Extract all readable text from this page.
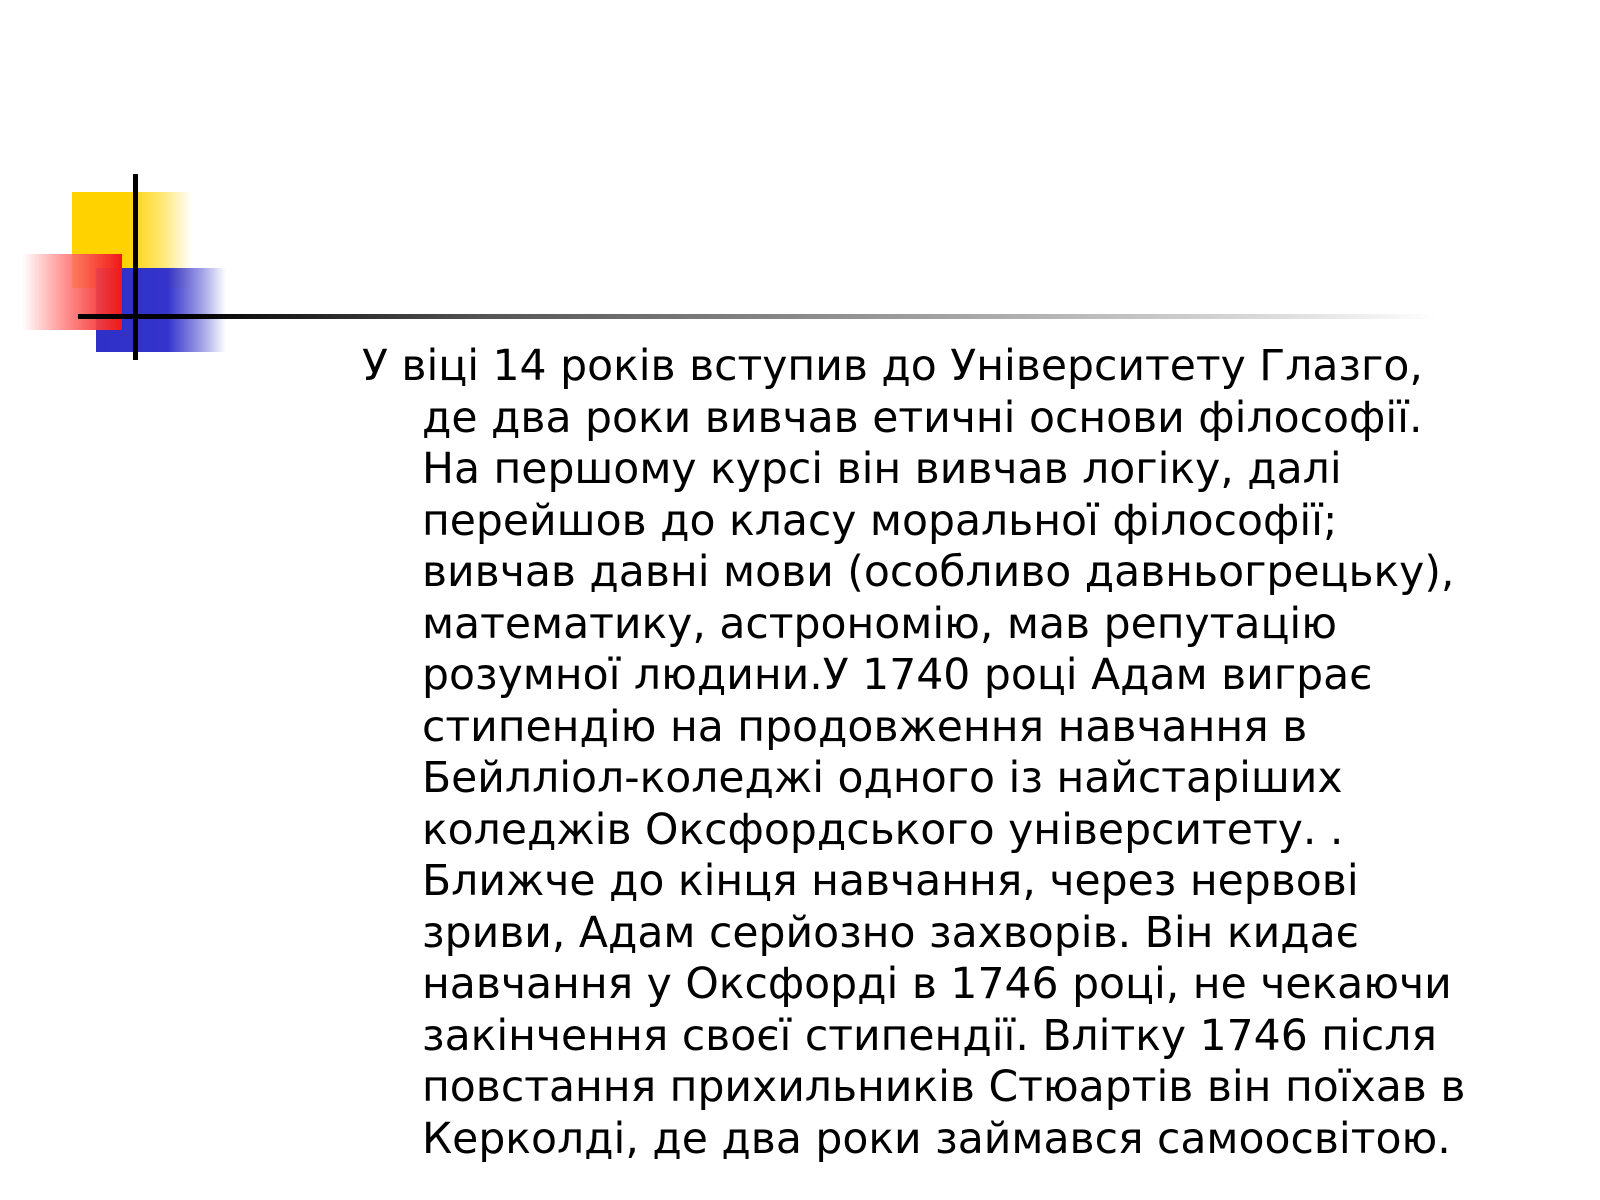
У віці 14 років вступив до Університету Глазго,
де два роки вивчав етичні основи філософії.
На першому курсі він вивчав логіку, далі
перейшов до класу моральної філософії;
вивчав давні мови (особливо давньогрецьку),
математику, астрономію, мав репутацію
розумної людини.У 1740 році Адам виграє
стипендію на продовження навчання в
Бейлліол-коледжі одного із найстаріших
коледжів Оксфордського університету. .
Ближче до кінця навчання, через нервові
зриви, Адам серйозно захворів. Він кидає
навчання у Оксфорді в 1746 році, не чекаючи
закінчення своєї стипендії. Влітку 1746 після
повстання прихильників Стюартів він поїхав в
Керколді, де два роки займався самоосвітою.
